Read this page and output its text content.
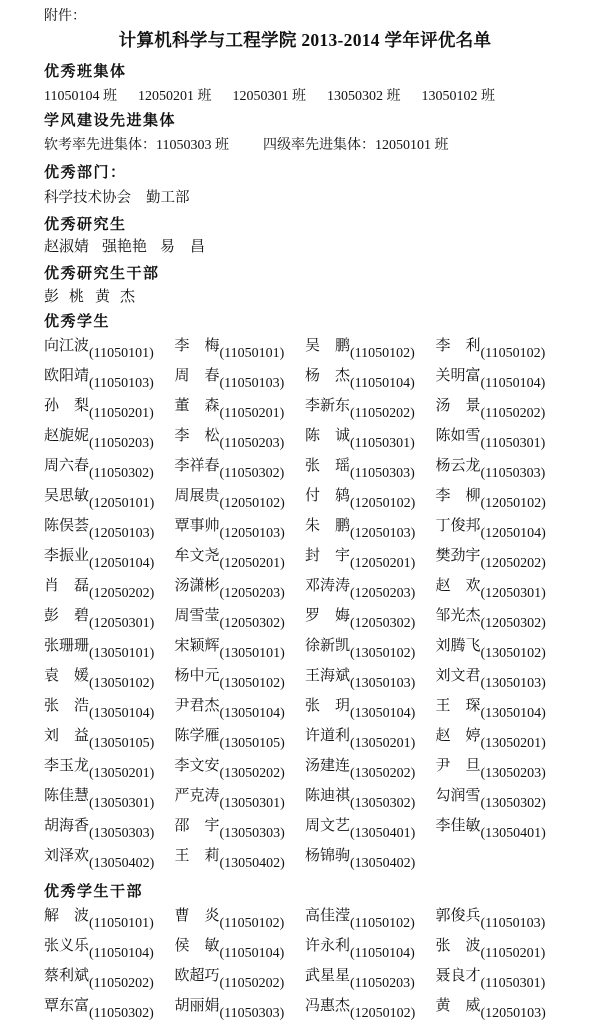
附件：
计算机科学与工程学院 2013-2014 学年评优名单
优秀班集体
11050104 班 12050201 班 12050301 班 13050302 班 13050102 班
学风建设先进集体
软考率先进集体：11050303 班 四级率先进集体：12050101 班
优秀部门：
科学技术协会 勤工部
优秀研究生
赵淑婧 强艳艳 易昌
优秀研究生干部
彭桃 黄杰
优秀学生
向江波(11050101)	李梅(11050101)	吴鹏(11050102)	李利(11050102)
欧阳靖(11050103)	周春(11050103)	杨杰(11050104)	关明富(11050104)
孙梨(11050201)	董森(11050201)	李新东(11050202)	汤景(11050202)
赵旎妮(11050203)	李松(11050203)	陈诚(11050301)	陈如雪(11050301)
周六春(11050302)	李祥春(11050302)	张瑶(11050303)	杨云龙(11050303)
吴思敏(12050101)	周展贵(12050102)	付鸫(12050102)	李柳(12050102)
陈俣荟(12050103)	覃事帅(12050103)	朱鹏(12050103)	丁俊邦(12050104)
李振业(12050104)	牟文尧(12050201)	封宇(12050201)	樊劲宇(12050202)
肖磊(12050202)	汤潇彬(12050203)	邓涛涛(12050203)	赵欢(12050301)
彭碧(12050301)	周雪莹(12050302)	罗娒(12050302)	邹光杰(12050302)
张珊珊(13050101)	宋颖辉(13050101)	徐新凯(13050102)	刘腾飞(13050102)
袁媛(13050102)	杨中元(13050102)	王海斌(13050103)	刘文君(13050103)
张浩(13050104)	尹君杰(13050104)	张玥(13050104)	王琛(13050104)
刘益(13050105)	陈学雁(13050105)	许道利(13050201)	赵婷(13050201)
李玉龙(13050201)	李文安(13050202)	汤建连(13050202)	尹旦(13050203)
陈佳慧(13050301)	严克涛(13050301)	陈迪祺(13050302)	勾润雪(13050302)
胡海香(13050303)	邵宇(13050303)	周文艺(13050401)	李佳敏(13050401)
刘泽欢(13050402)	王莉(13050402)	杨锦驹(13050402)
优秀学生干部
解波(11050101)	曹炎(11050102)	高佳滢(11050102)	郭俊兵(11050103)
张义乐(11050104)	侯敏(11050104)	许永利(11050104)	张波(11050201)
蔡利斌(11050202)	欧超巧(11050202)	武星星(11050203)	聂良才(11050301)
覃东富(11050302)	胡丽娟(11050303)	冯惠杰(12050102)	黄威(12050103)
